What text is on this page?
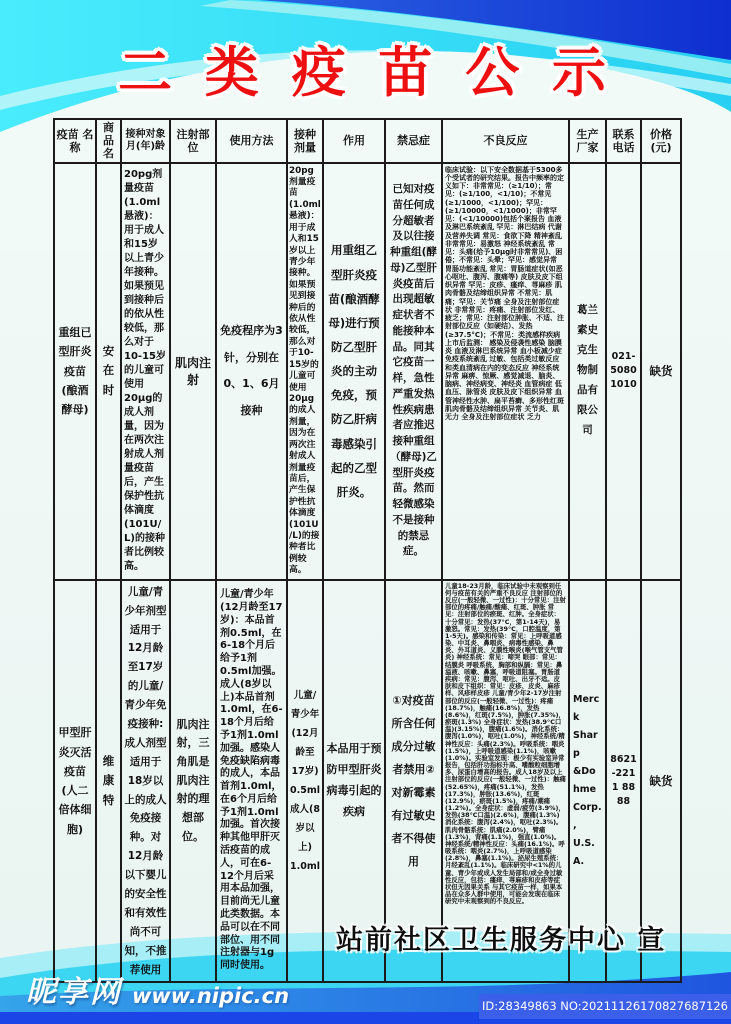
二 类 疫 苗 公 示
疫苗 名称	商品 名	接种对象 月(年)龄	注射部位	使用方法	接种 剂量	作用	禁忌症	不良反应	生产 厂家	联系 电话	价格 (元)
重组已型肝炎疫苗(酿酒酵母)	安在时	20pg剂量疫苗(1.0ml悬液)：用于成人和15岁以上青少年接种。如果预见到接种后的依从性较低，那么对于10-15岁的儿童可使用20μg的成人剂量，因为在两次注射成人剂量疫苗后，产生保护性抗体滴度(101U/L)的接种者比例较高。	肌肉注射	免疫程序为3针，分别在0、1、6月接种	20pg剂量疫苗(1.0ml悬液)：用于成人和15岁以上青少年接种。如果预见到接种后的依从性较低，那么对于10-15岁的儿童可使用20μg的成人剂量，因为在两次注射成人剂量疫苗后，产生保护性抗体滴度(101U/L)的接种者比例较高。	用重组乙型肝炎疫苗(酿酒酵母)进行预防乙型肝炎的主动免疫，预防乙肝病毒感染引起的乙型肝炎。	已知对疫苗任何成分超敏者及以往接种重组(酵母)乙型肝炎疫苗后出现超敏症状者不能接种本品。同其它疫苗一样，急性严重发热性疾病患者应推迟接种重组（酵母)乙型肝炎疫苗。然而轻微感染不是接种的禁忌症。	临床试验：以下安全数据基于5300多个受试者的研究结果。报告中频率的定义如下：非常常见：（≥1/10）；常见：(≥1/100，<1/10)；不常见(≥1/1000，<1/100)；罕见：(≥1/10000，<1/1000)；非常罕见：(<1/10000)包括个案报告 血液及淋巴系统紊乱 罕见：淋巴结病 代谢及营养失调 常见：食欲下降 精神紊乱 非常常见：易激怒 神经系统紊乱 常见：头痛(给予10μg时非常常见)、困倦；不常见：头晕；罕见：感觉异常 胃肠功能紊乱 常见：胃肠道症状(如恶心呕吐、腹泻、腹痛等) 皮肤及皮下组织异常 罕见：皮疹、瘙痒、荨麻疹 肌肉骨骼及结缔组织异常 不常见：肌痛；罕见：关节痛 全身及注射部位症状 非常常见：疼痛、注射部位发红、疲乏；常见：注射部位肿胀、不适、注射部位反应（如硬结）、发热(≥37.5°C)；不常见：类流感样疾病 上市后监测： 感染及侵袭性感染 脑膜炎 血液及淋巴系统异常 血小板减少症 免疫系统紊乱 过敏、包括类过敏反应和类血清病在内的变态反应 神经系统异常 麻痹、惊厥、感觉减退、脑炎、脑病、神经病变、神经炎 血管病症 低血压、脉管炎 皮肤及皮下组织异常 血管神经性水肿、扁平苔癣、多形性红斑 肌肉骨骼及结缔组织异常 关节炎、肌无力 全身及注射部位症状 乏力	葛兰素史克生物制品有限公司	021-5080 1010	缺货
甲型肝炎灭活疫苗(人二倍体细胞)	维康特	儿童/青少年剂型适用于12月龄至17岁的儿童/青少年免疫接种:成人剂型适用于18岁以上的成人免疫接种。对12月龄以下婴儿的安全性和有效性尚不可知，不推荐使用	肌肉注射，三角肌是肌肉注射的理想部位。	儿童/青少年(12月龄至17岁)：本品首剂0.5ml，在6-18个月后给予1剂0.5ml加强。成人(8岁以上)本品首剂1.0ml，在6-18个月后给予1剂1.0ml加强。感染人免疫缺陷病毒的成人，本品首剂1.0ml，在6个月后给予1剂1.0ml加强。首次接种其他甲肝灭活疫苗的成人，可在6-12个月后采用本品加强，目前尚无儿童此类数据。本品可以在不同部位、用不同注射器与1g同时使用。	儿童/青少年(12月龄至17岁) 0.5ml 成人(8岁以上) 1.0ml	本品用于预防甲型肝炎病毒引起的疾病	①对疫苗所含任何成分过敏者禁用②对新霉素有过敏史者不得使用	儿童18-23月龄，临床试验中未观察到任何与疫苗有关的严重不良反应 注射部位的反应(一般轻微、一过性)：十分常见：注射部位的疼痛/触痛/酸痛、红斑、肿胀 常见：注射部位的瘀斑、红肿。全身症状：十分常见：发热(37°C，第1-14天)，易激怒。常见：发热(39°C，口腔温度，第1-5天)。感染和传染：常见：上呼吸道感染、中耳炎、鼻咽炎、病毒性感染、鼻炎、外耳道炎、义膜性喉炎(喉气管支气管炎) 神经系统：常见：啼哭 眼部：常见：结膜炎 呼吸系统、胸部和纵膈：常见：鼻溢液、咳嗽、鼻塞，呼吸道阻塞。胃肠道疾病：常见：腹泻、呕吐、出牙不适。皮肤和皮下组织：常见：皮疹、皮炎、麻疹样、风疹样皮疹 儿童/青少年2-17岁注射部位的反应(一般轻微、一过性)：疼痛(18.7%)，触痛(16.8%)，发热(8.6%)，红斑(7.5%)，肿胀(7.35%)，瘀斑(1.3%) 全身症状：发热(38.9°C口温)(3.15%)，腹痛(1.6%)。消化系统：腹泻(1.0%)，呕吐(1.0%)，神经系统/精神性反应：头痛(2.3%)。呼吸系统：咽炎(1.5%)，上呼吸道感染(1.1%)，咳嗽(1.0%)。实验室发现：极少有实验室异常报告，包括肝功指标升高、嗜酸粒细胞增多、尿蛋白增高的报告。成人18岁及以上注射部位的反应(一般轻微、一过性)：触痛(52.65%)，疼痛(51.1%)，发热(17.3%)，肿胀(13.6%)，红斑(12.9%)，瘀斑(1.5%)，疼痛/潮痛(1.2%)。全身症状：虚弱/疲劳(3.9%)，发热(38°C口温)(2.6%)，腹痛(1.3%) 消化系统：腹泻(2.4%)，呕吐(2.3%)。肌肉骨骼系统：肌痛(2.0%)，臂痛(1.3%)，背痛(1.1%)，强直(1.0%)。神经系统/精神性反应：头痛(16.1%)。呼吸系统：咽炎(2.7%)，上呼吸道感染(2.8%)，鼻塞(1.1%)。泌尿生殖系统：月经紊乱(1.1%)。临床研究中<1%的儿童、青少年或成人发生局部和/或全身过敏性反应，包括：瘙痒、荨麻疹和皮疹等症状但无因果关系 与其它疫苗一样，如果本品在众多人群中使用，可能会发现在临床研究中未观察到的不良反应。	Merck Sharp &Dohme Corp., U.S.A.	8621-2211 8888	缺货
站前社区卫生服务中心 宣
昵享网 www.nipic.cn	ID:28349863 NO:20211126170827687126
